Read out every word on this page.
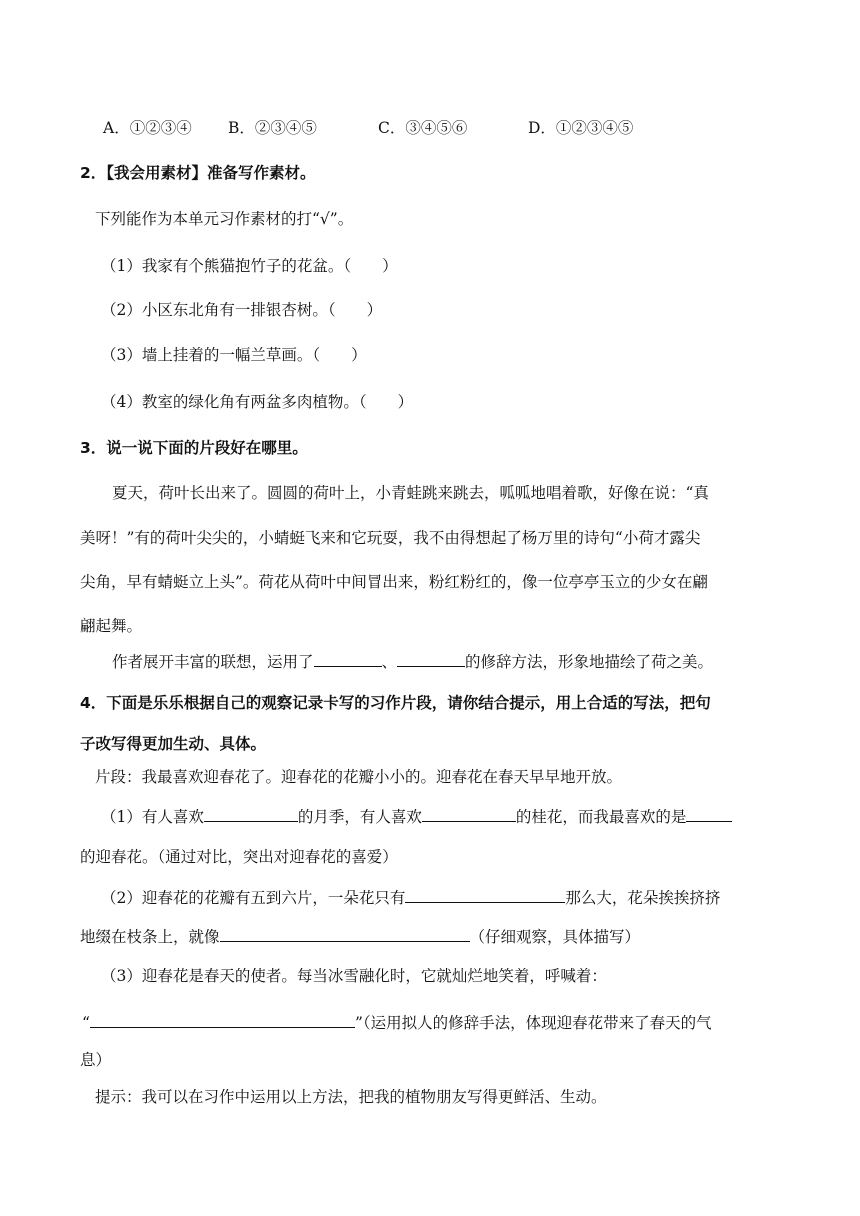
A．①②③④ B．②③④⑤	C．③④⑤⑥	D．①②③④⑤
2．【我会用素材】准备写作素材。
下列能作为本单元习作素材的打“√”。
（1）我家有个熊猫抱竹子的花盆。（　　）
（2）小区东北角有一排银杏树。（　　）
（3）墙上挂着的一幅兰草画。（　　）
（4）教室的绿化角有两盆多肉植物。（　　）
3．说一说下面的片段好在哪里。
夏天，荷叶长出来了。圆圆的荷叶上，小青蛙跳来跳去，呱呱地唱着歌，好像在说：“真
美呀！”有的荷叶尖尖的，小蜻蜓飞来和它玩耍，我不由得想起了杨万里的诗句“小荷才露尖
尖角，早有蜻蜓立上头”。荷花从荷叶中间冒出来，粉红粉红的，像一位亭亭玉立的少女在翩
翩起舞。
作者展开丰富的联想，运用了	、	的修辞方法，形象地描绘了荷之美。
4．下面是乐乐根据自己的观察记录卡写的习作片段，请你结合提示，用上合适的写法，把句
子改写得更加生动、具体。
片段：我最喜欢迎春花了。迎春花的花瓣小小的。迎春花在春天早早地开放。
（1）有人喜欢	的月季，有人喜欢	的桂花，而我最喜欢的是
的迎春花。（通过对比，突出对迎春花的喜爱）
（2）迎春花的花瓣有五到六片，一朵花只有	那么大，花朵挨挨挤挤
地缀在枝条上，就像	（仔细观察，具体描写）
（3）迎春花是春天的使者。每当冰雪融化时，它就灿烂地笑着，呼喊着：
“	”（运用拟人的修辞手法，体现迎春花带来了春天的气
息）
提示：我可以在习作中运用以上方法，把我的植物朋友写得更鲜活、生动。
